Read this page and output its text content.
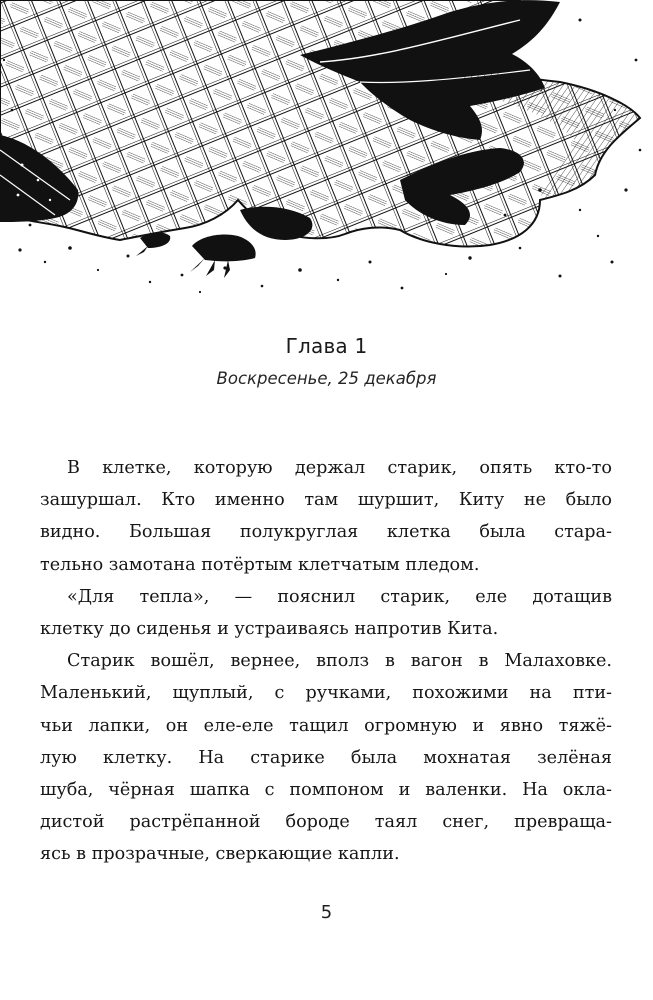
Глава 1
Воскресенье, 25 декабря
В клетке, которую держал старик, опять кто-то
зашуршал. Кто именно там шуршит, Киту не было
видно. Большая полукруглая клетка была стара-
тельно замотана потёртым клетчатым пледом.
«Для тепла», — пояснил старик, еле дотащив
клетку до сиденья и устраиваясь напротив Кита.
Старик вошёл, вернее, вполз в вагон в Малаховке.
Маленький, щуплый, с ручками, похожими на пти-
чьи лапки, он еле-еле тащил огромную и явно тяжё-
лую клетку. На старике была мохнатая зелёная
шуба, чёрная шапка с помпоном и валенки. На окла-
дистой растрёпанной бороде таял снег, превраща-
ясь в прозрачные, сверкающие капли.
5
